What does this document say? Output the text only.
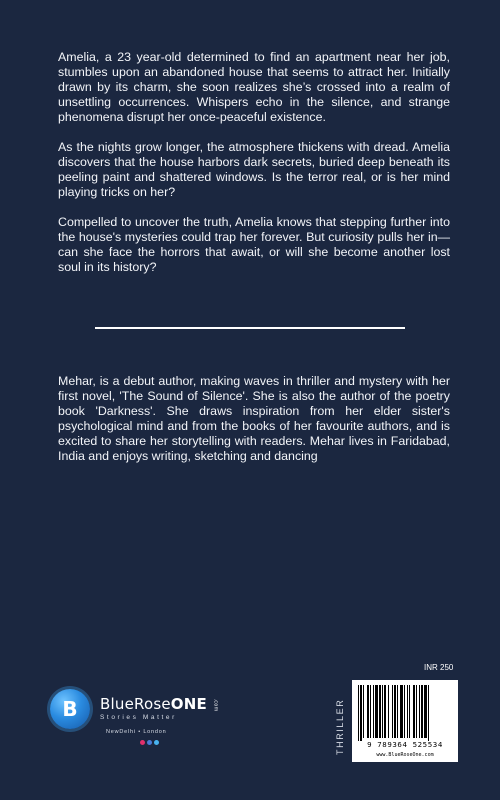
Amelia, a 23 year-old determined to find an apartment near her job, stumbles upon an abandoned house that seems to attract her. Initially drawn by its charm, she soon realizes she’s crossed into a realm of unsettling occurrences. Whispers echo in the silence, and strange phenomena disrupt her once-peaceful existence.

As the nights grow longer, the atmosphere thickens with dread. Amelia discovers that the house harbors dark secrets, buried deep beneath its peeling paint and shattered windows. Is the terror real, or is her mind playing tricks on her?

Compelled to uncover the truth, Amelia knows that stepping further into the house's mysteries could trap her forever. But curiosity pulls her in—can she face the horrors that await, or will she become another lost soul in its history?

Mehar, is a debut author, making waves in thriller and mystery with her first novel, 'The Sound of Silence'. She is also the author of the poetry book 'Darkness'. She draws inspiration from her elder sister's psychological mind and from the books of her favourite authors, and is excited to share her storytelling with readers. Mehar lives in Faridabad, India and enjoys writing, sketching and dancing

B	BlueRoseONE .com
Stories Matter
NewDelhi • London
INR 250
THRILLER	9 789364 525534
www.BlueRoseOne.com
